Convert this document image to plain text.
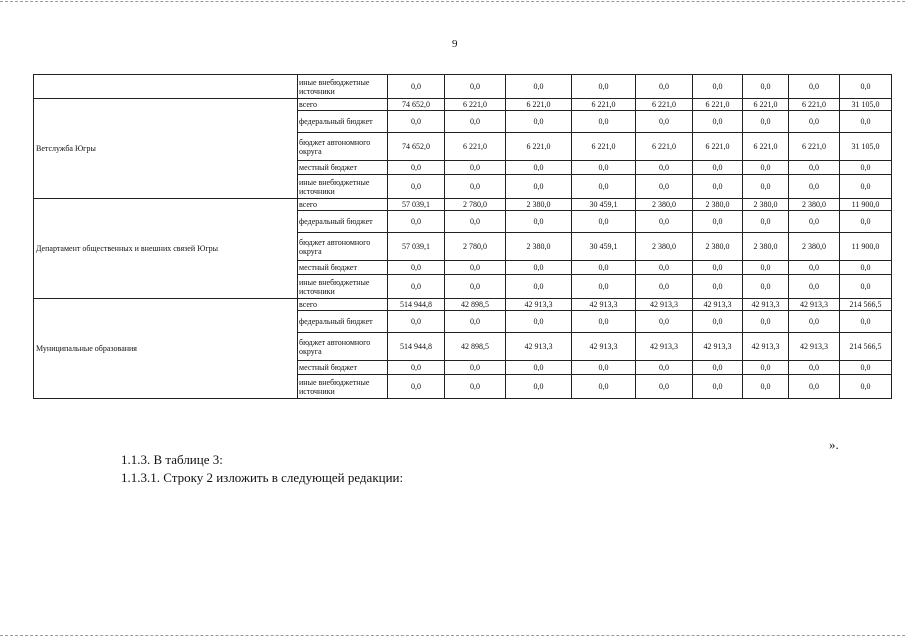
9
	иные внебюджетные источники	0,0	0,0	0,0	0,0	0,0	0,0	0,0	0,0	0,0
Ветслужба Югры	всего	74 652,0	6 221,0	6 221,0	6 221,0	6 221,0	6 221,0	6 221,0	6 221,0	31 105,0
	федеральный бюджет	0,0	0,0	0,0	0,0	0,0	0,0	0,0	0,0	0,0
	бюджет автономного округа	74 652,0	6 221,0	6 221,0	6 221,0	6 221,0	6 221,0	6 221,0	6 221,0	31 105,0
	местный бюджет	0,0	0,0	0,0	0,0	0,0	0,0	0,0	0,0	0,0
	иные внебюджетные источники	0,0	0,0	0,0	0,0	0,0	0,0	0,0	0,0	0,0
Департамент общественных и внешних связей Югры	всего	57 039,1	2 780,0	2 380,0	30 459,1	2 380,0	2 380,0	2 380,0	2 380,0	11 900,0
	федеральный бюджет	0,0	0,0	0,0	0,0	0,0	0,0	0,0	0,0	0,0
	бюджет автономного округа	57 039,1	2 780,0	2 380,0	30 459,1	2 380,0	2 380,0	2 380,0	2 380,0	11 900,0
	местный бюджет	0,0	0,0	0,0	0,0	0,0	0,0	0,0	0,0	0,0
	иные внебюджетные источники	0,0	0,0	0,0	0,0	0,0	0,0	0,0	0,0	0,0
Муниципальные образования	всего	514 944,8	42 898,5	42 913,3	42 913,3	42 913,3	42 913,3	42 913,3	42 913,3	214 566,5
	федеральный бюджет	0,0	0,0	0,0	0,0	0,0	0,0	0,0	0,0	0,0
	бюджет автономного округа	514 944,8	42 898,5	42 913,3	42 913,3	42 913,3	42 913,3	42 913,3	42 913,3	214 566,5
	местный бюджет	0,0	0,0	0,0	0,0	0,0	0,0	0,0	0,0	0,0
	иные внебюджетные источники	0,0	0,0	0,0	0,0	0,0	0,0	0,0	0,0	0,0
».
1.1.3. В таблице 3:
1.1.3.1. Строку 2 изложить в следующей редакции:
